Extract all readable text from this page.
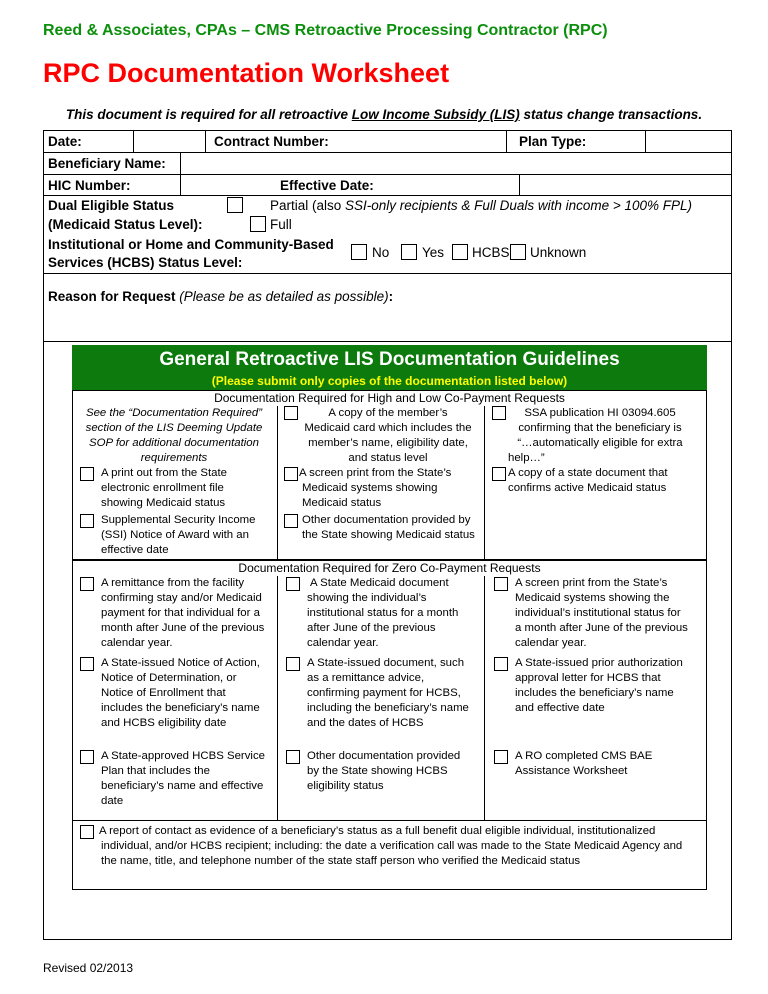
Reed & Associates, CPAs – CMS Retroactive Processing Contractor (RPC)
RPC Documentation Worksheet
This document is required for all retroactive Low Income Subsidy (LIS) status change transactions.
Date:	Contract Number:	Plan Type:
Beneficiary Name:
HIC Number:	Effective Date:
Dual Eligible Status
(Medicaid Status Level):
Partial (also SSI-only recipients & Full Duals with income > 100% FPL)
Full
Institutional or Home and Community-Based
Services (HCBS) Status Level:
No Yes HCBS Unknown
Reason for Request (Please be as detailed as possible):
General Retroactive LIS Documentation Guidelines
(Please submit only copies of the documentation listed below)
Documentation Required for High and Low Co-Payment Requests
See the “Documentation Required”
section of the LIS Deeming Update
SOP for additional documentation
requirements
A print out from the State
electronic enrollment file
showing Medicaid status
Supplemental Security Income
(SSI) Notice of Award with an
effective date
A copy of the member’s
Medicaid card which includes the
member’s name, eligibility date,
and status level
A screen print from the State’s
Medicaid systems showing
Medicaid status
Other documentation provided by
the State showing Medicaid status
SSA publication HI 03094.605
confirming that the beneficiary is
“…automatically eligible for extra
help…”
A copy of a state document that
confirms active Medicaid status
Documentation Required for Zero Co-Payment Requests
A remittance from the facility
confirming stay and/or Medicaid
payment for that individual for a
month after June of the previous
calendar year.
A State-issued Notice of Action,
Notice of Determination, or
Notice of Enrollment that
includes the beneficiary’s name
and HCBS eligibility date
A State-approved HCBS Service
Plan that includes the
beneficiary’s name and effective
date
A State Medicaid document
showing the individual’s
institutional status for a month
after June of the previous
calendar year.
A State-issued document, such
as a remittance advice,
confirming payment for HCBS,
including the beneficiary’s name
and the dates of HCBS
Other documentation provided
by the State showing HCBS
eligibility status
A screen print from the State’s
Medicaid systems showing the
individual’s institutional status for
a month after June of the previous
calendar year.
A State-issued prior authorization
approval letter for HCBS that
includes the beneficiary’s name
and effective date
A RO completed CMS BAE
Assistance Worksheet
A report of contact as evidence of a beneficiary’s status as a full benefit dual eligible individual, institutionalized
individual, and/or HCBS recipient; including: the date a verification call was made to the State Medicaid Agency and
the name, title, and telephone number of the state staff person who verified the Medicaid status
Revised 02/2013
